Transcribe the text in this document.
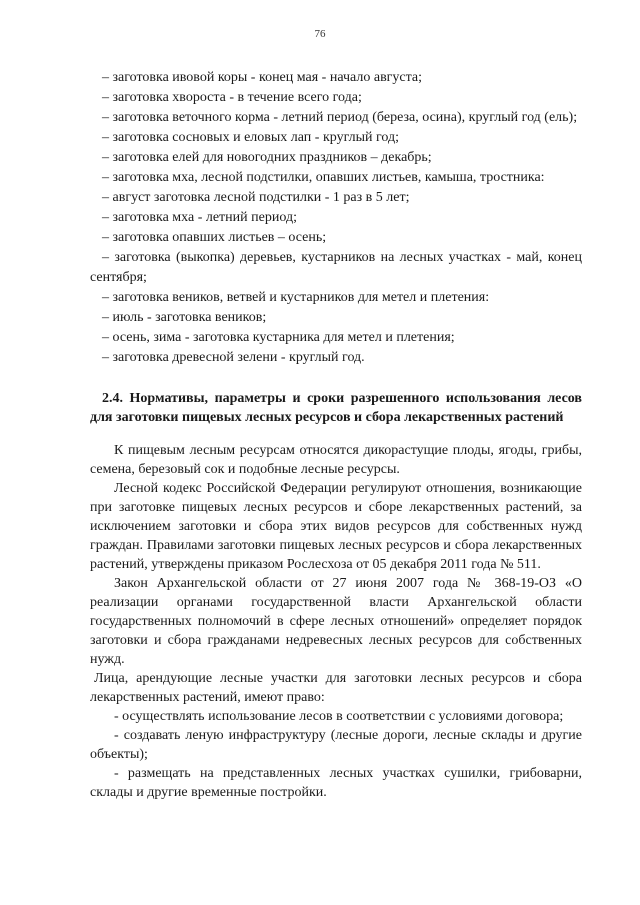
76
– заготовка ивовой коры - конец мая - начало августа;
– заготовка хвороста - в течение всего года;
– заготовка веточного корма - летний период (береза, осина), круглый год (ель);
– заготовка сосновых и еловых лап - круглый год;
– заготовка елей для новогодних праздников – декабрь;
– заготовка мха, лесной подстилки, опавших листьев, камыша, тростника:
– август заготовка лесной подстилки - 1 раз в 5 лет;
– заготовка мха - летний период;
– заготовка опавших листьев – осень;
– заготовка (выкопка) деревьев, кустарников на лесных участках - май, конец сентября;
– заготовка веников, ветвей и кустарников для метел и плетения:
– июль - заготовка веников;
– осень, зима - заготовка кустарника для метел и плетения;
– заготовка древесной зелени - круглый год.
2.4. Нормативы, параметры и сроки разрешенного использования лесов для заготовки пищевых лесных ресурсов и сбора лекарственных растений
К пищевым лесным ресурсам относятся дикорастущие плоды, ягоды, грибы, семена, березовый сок и подобные лесные ресурсы.
Лесной кодекс Российской Федерации регулируют отношения, возникающие при заготовке пищевых лесных ресурсов и сборе лекарственных растений, за исключением заготовки и сбора этих видов ресурсов для собственных нужд граждан. Правилами заготовки пищевых лесных ресурсов и сбора лекарственных растений, утверждены приказом Рослесхоза от 05 декабря 2011 года № 511.
Закон Архангельской области от 27 июня 2007 года № 368-19-ОЗ «О реализации органами государственной власти Архангельской области государственных полномочий в сфере лесных отношений» определяет порядок заготовки и сбора гражданами недревесных лесных ресурсов для собственных нужд.
Лица, арендующие лесные участки для заготовки лесных ресурсов и сбора лекарственных растений, имеют право:
- осуществлять использование лесов в соответствии с условиями договора;
- создавать леную инфраструктуру (лесные дороги, лесные склады и другие объекты);
- размещать на представленных лесных участках сушилки, грибоварни, склады и другие временные постройки.
